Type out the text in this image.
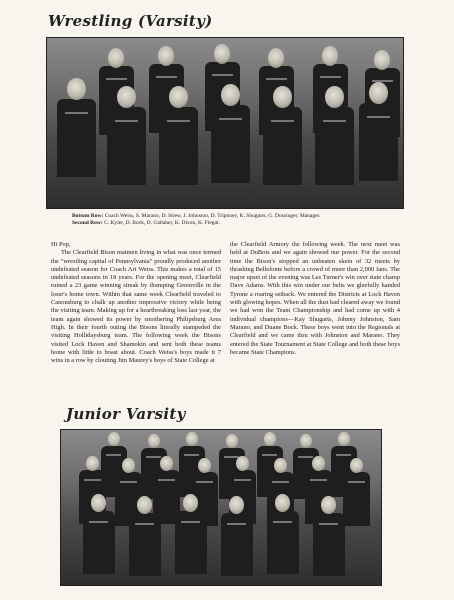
Wrestling (Varsity)
Bottom Row: Coach Weiss, S. Marano, D. Strew, J. Johnston, D. Triponey, K. Shugarts, G. Dossinger, Manager.
Second Row: C. Kyler, D. Bock, D. Gallaher, K. Dixon, K. Flegal.

Hi Pop,

The Clearfield Bison matmen living in what was once termed the "wrestling capital of Pennsylvania" proudly produced another undefeated season for Coach Art Weiss. This makes a total of 15 undefeated seasons in 18 years. For the opening meet, Clearfield ruined a 23 game winning streak by thumping Greenville in the loser's home town. Within that same week Clearfield traveled to Canonsburg to chalk up another impressive victory while being the visiting team. Making up for a heartbreaking loss last year, the team again showed its power by smothering Philipsburg Area High. In their fourth outing the Bisons literally stampeded the visiting Hollidaysburg team. The following week the Bisons visited Lock Haven and Shamokin and sent both these teams home with little to boast about. Coach Weiss's boys made it 7 wins in a row by clouting Jim Maurey's boys of State College at

the Clearfield Armory the following week. The next meet was held at DuBois and we again showed our power. For the second time the Bison's stopped an unbeaten skein of 32 meets by thrashing Bellefonte before a crowd of more than 2,000 fans. The major upset of the evening was Les Turner's win over state champ Dave Adams. With this win under our belts we gleefully handed Tyrone a roaring setback. We entered the Districts at Lock Haven with glowing hopes. When all the dust had cleared away we found we had won the Team Championship and had come up with 4 individual champions—Kay Shugarts, Johnny Johnston, Sam Marano, and Duane Bock. These boys went into the Regionals at Clearfield and we came thru with Johnston and Marano. They entered the State Tournament at State College and both these boys became State Champions.

Junior Varsity
